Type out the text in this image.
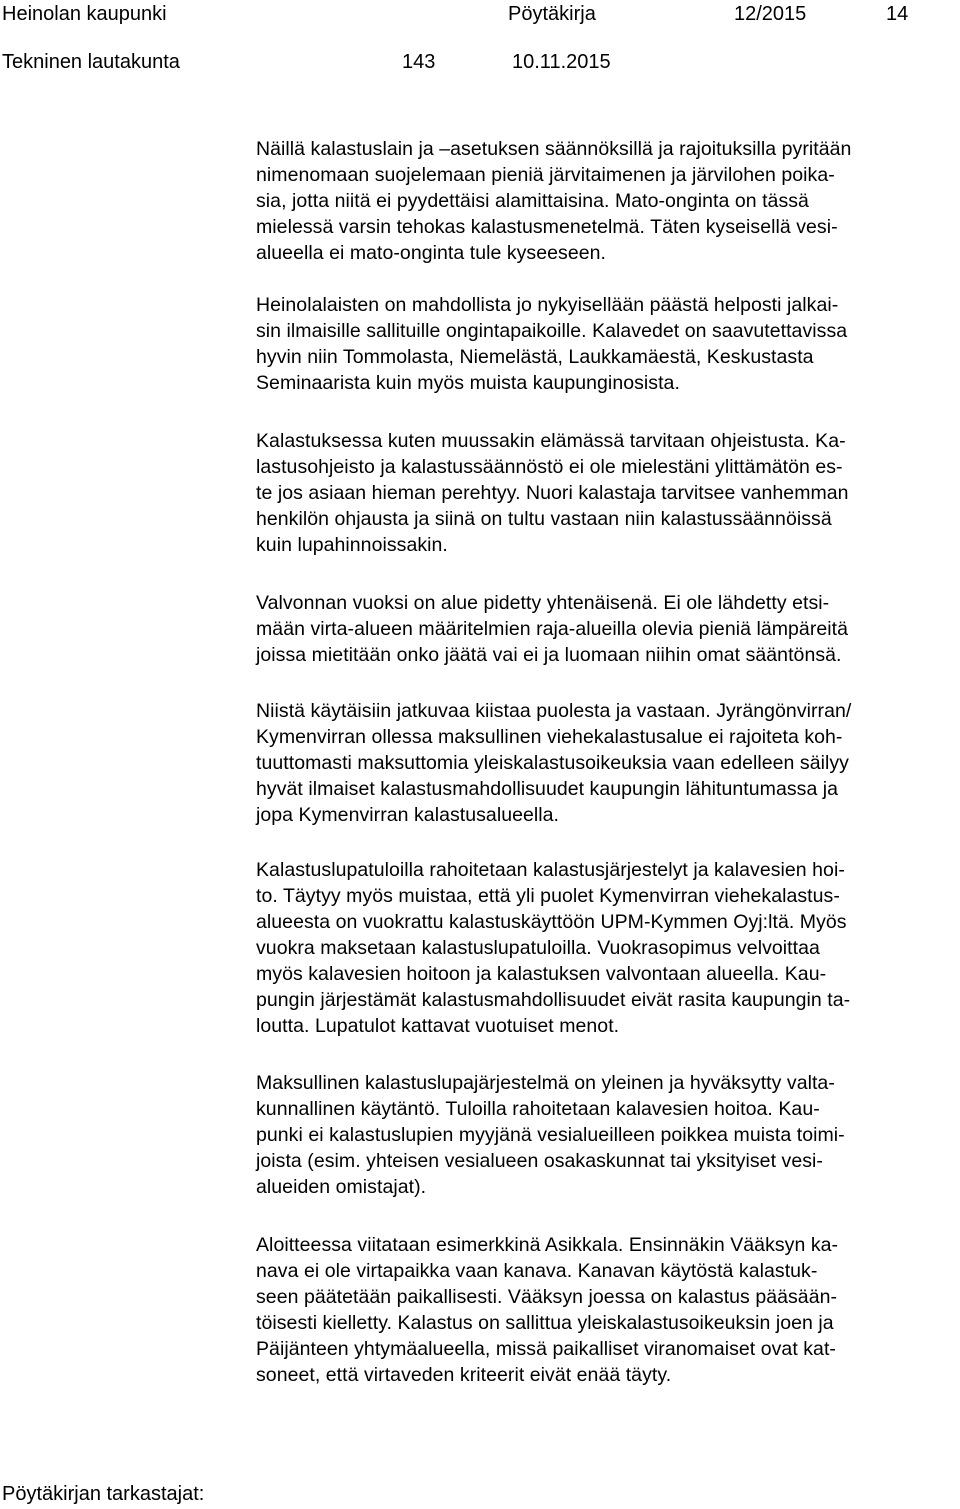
Heinolan kaupunki	Pöytäkirja	12/2015	14
Tekninen lautakunta	143	10.11.2015
Näillä kalastuslain ja –asetuksen säännöksillä ja rajoituksilla pyritään
nimenomaan suojelemaan pieniä järvitaimenen ja järvilohen poika-
sia, jotta niitä ei pyydettäisi alamittaisina. Mato-onginta on tässä
mielessä varsin tehokas kalastusmenetelmä. Täten kyseisellä vesi-
alueella ei mato-onginta tule kyseeseen.
Heinolalaisten on mahdollista jo nykyisellään päästä helposti jalkai-
sin ilmaisille sallituille ongintapaikoille. Kalavedet on saavutettavissa
hyvin niin Tommolasta, Niemelästä, Laukkamäestä, Keskustasta
Seminaarista kuin myös muista kaupunginosista.
Kalastuksessa kuten muussakin elämässä tarvitaan ohjeistusta. Ka-
lastusohjeisto ja kalastussäännöstö ei ole mielestäni ylittämätön es-
te jos asiaan hieman perehtyy. Nuori kalastaja tarvitsee vanhemman
henkilön ohjausta ja siinä on tultu vastaan niin kalastussäännöissä
kuin lupahinnoissakin.
Valvonnan vuoksi on alue pidetty yhtenäisenä. Ei ole lähdetty etsi-
mään virta-alueen määritelmien raja-alueilla olevia pieniä lämpäreitä
joissa mietitään onko jäätä vai ei ja luomaan niihin omat sääntönsä.
Niistä käytäisiin jatkuvaa kiistaa puolesta ja vastaan. Jyrängönvirran/
Kymenvirran ollessa maksullinen viehekalastusalue ei rajoiteta koh-
tuuttomasti maksuttomia yleiskalastusoikeuksia vaan edelleen säilyy
hyvät ilmaiset kalastusmahdollisuudet kaupungin lähituntumassa ja
jopa Kymenvirran kalastusalueella.
Kalastuslupatuloilla rahoitetaan kalastusjärjestelyt ja kalavesien hoi-
to. Täytyy myös muistaa, että yli puolet Kymenvirran viehekalastus-
alueesta on vuokrattu kalastuskäyttöön UPM-Kymmen Oyj:ltä. Myös
vuokra maksetaan kalastuslupatuloilla. Vuokrasopimus velvoittaa
myös kalavesien hoitoon ja kalastuksen valvontaan alueella. Kau-
pungin järjestämät kalastusmahdollisuudet eivät rasita kaupungin ta-
loutta. Lupatulot kattavat vuotuiset menot.
Maksullinen kalastuslupajärjestelmä on yleinen ja hyväksytty valta-
kunnallinen käytäntö. Tuloilla rahoitetaan kalavesien hoitoa. Kau-
punki ei kalastuslupien myyjänä vesialueilleen poikkea muista toimi-
joista (esim. yhteisen vesialueen osakaskunnat tai yksityiset vesi-
alueiden omistajat).
Aloitteessa viitataan esimerkkinä Asikkala. Ensinnäkin Vääksyn ka-
nava ei ole virtapaikka vaan kanava. Kanavan käytöstä kalastuk-
seen päätetään paikallisesti. Vääksyn joessa on kalastus pääsään-
töisesti kielletty. Kalastus on sallittua yleiskalastusoikeuksin joen ja
Päijänteen yhtymäalueella, missä paikalliset viranomaiset ovat kat-
soneet, että virtaveden kriteerit eivät enää täyty.
Pöytäkirjan tarkastajat:
